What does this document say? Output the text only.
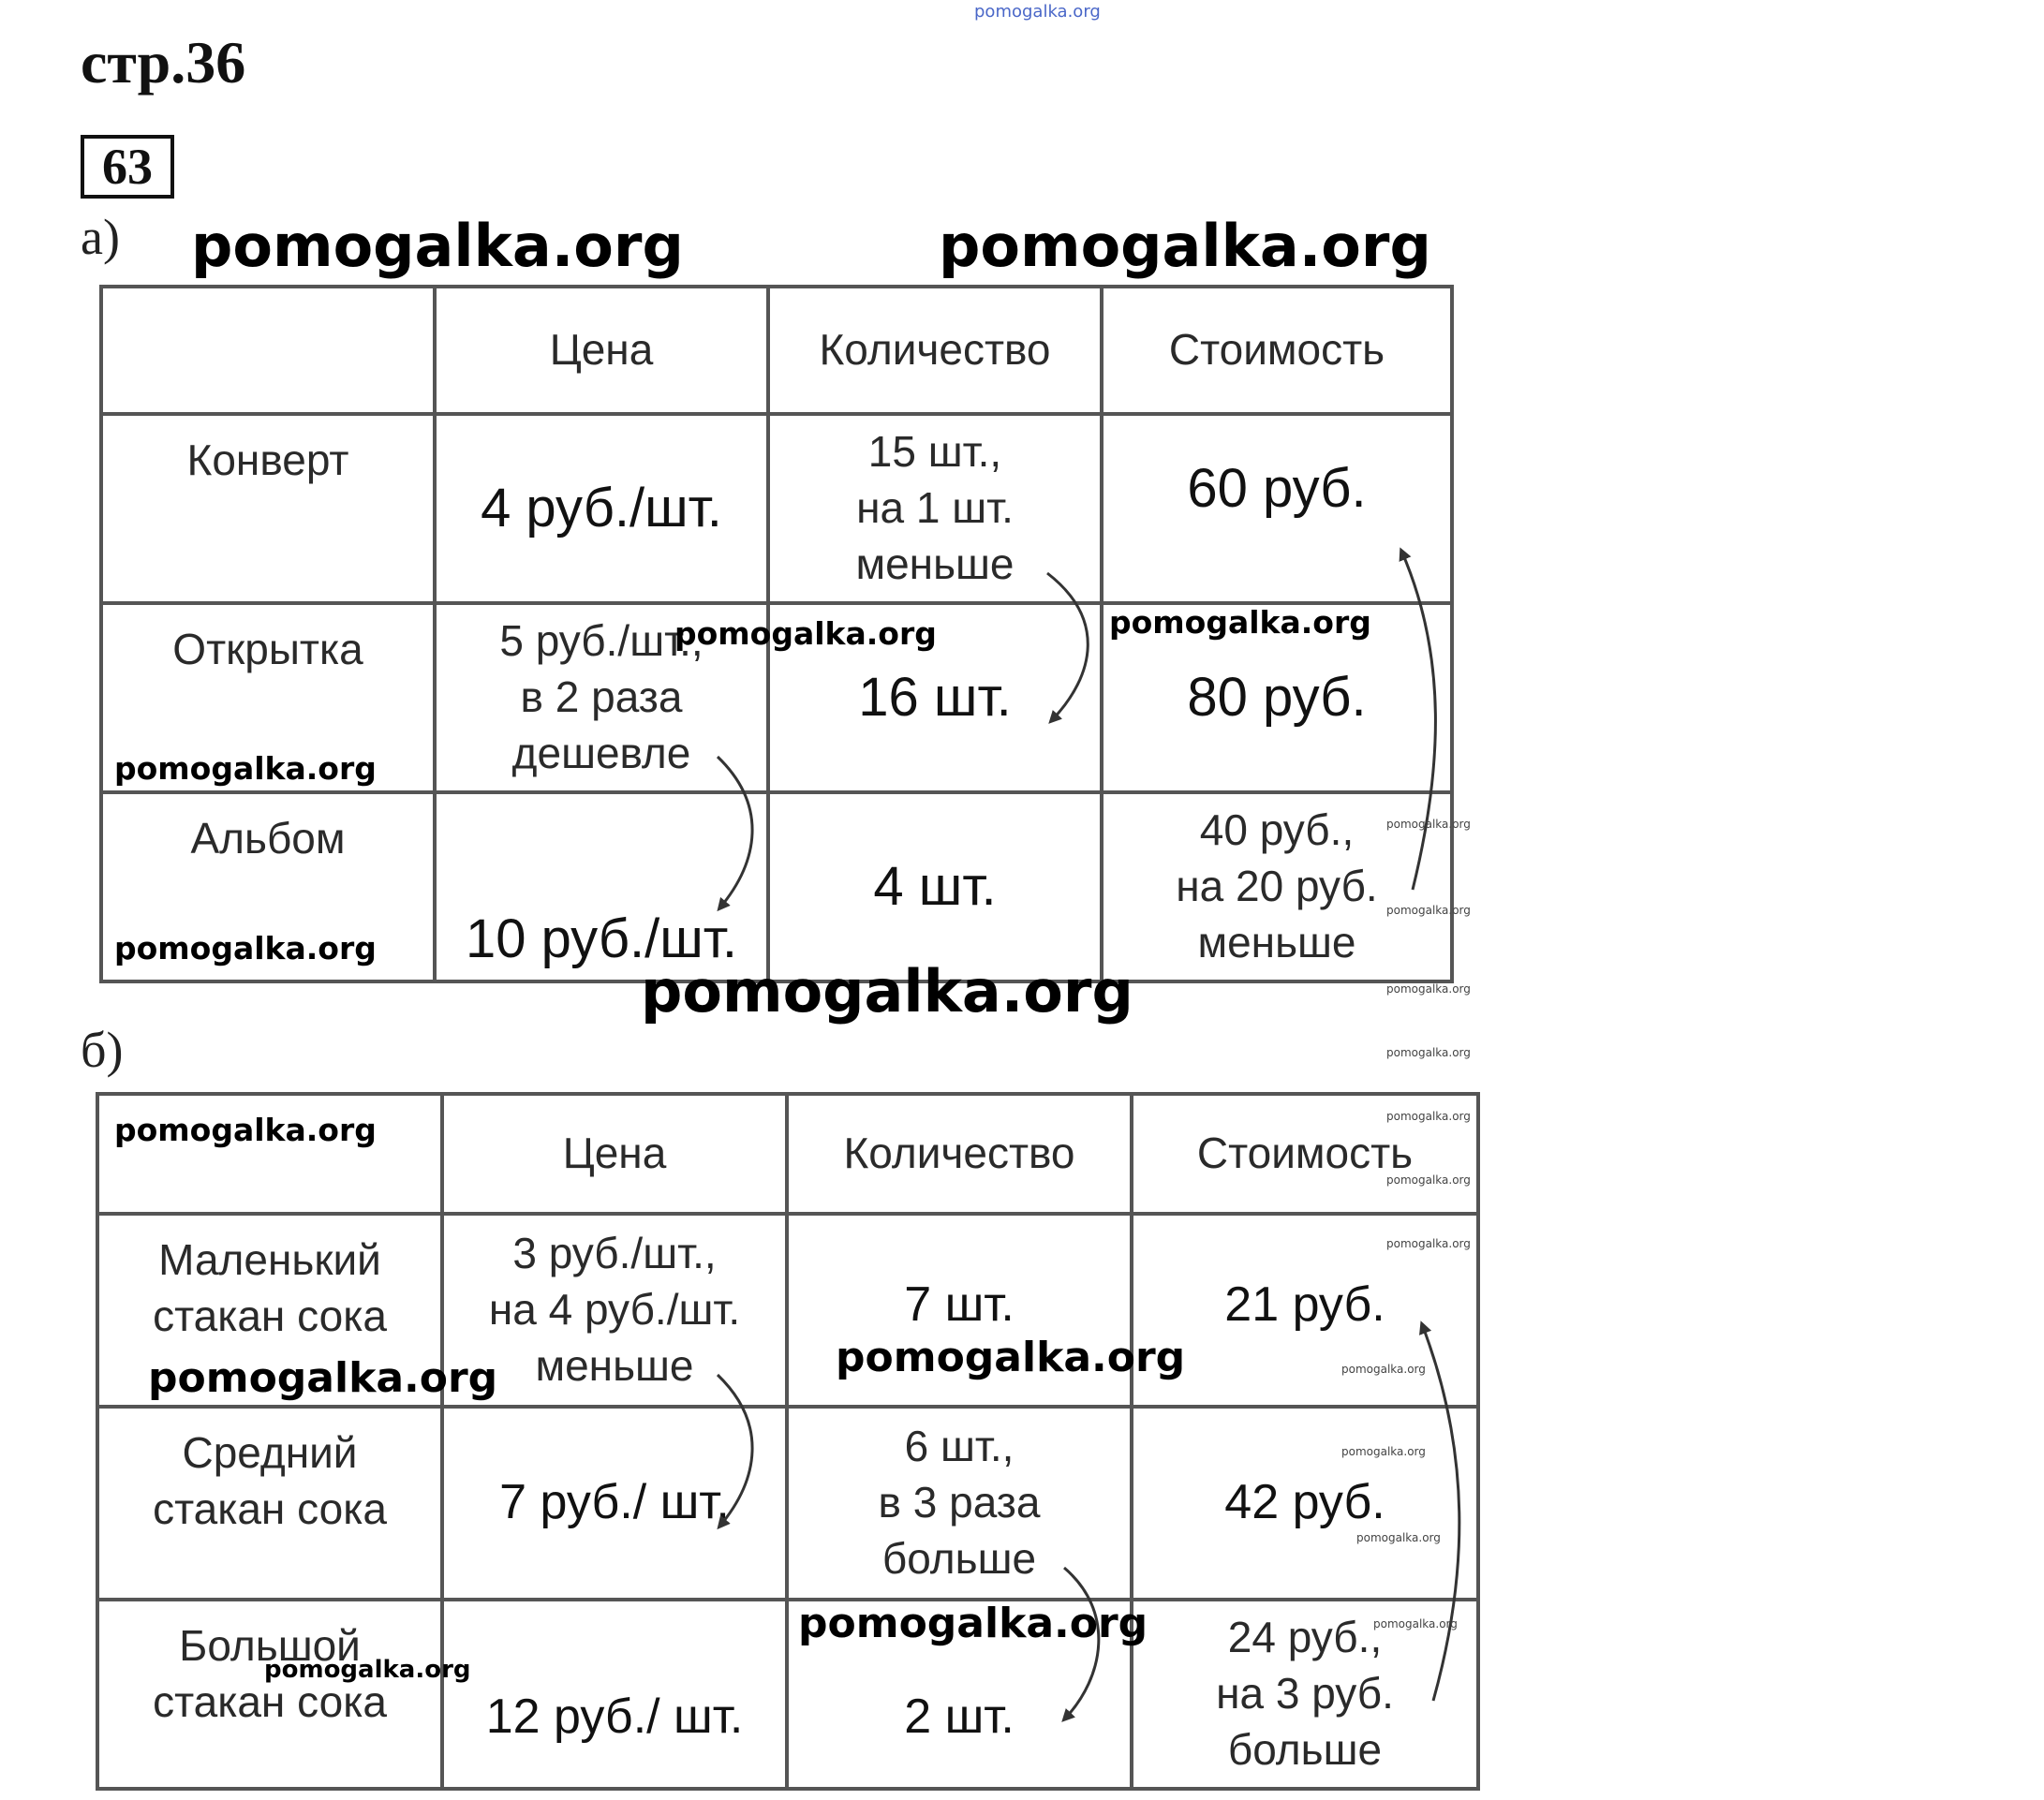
pomogalka.org
стр.36
63
а)
	Цена	Количество	Стоимость

Конверт	4 руб./шт.	15 шт.,
на 1 шт.
меньше	60 руб.

Открытка	5 руб./шт.,
в 2 раза
дешевле	16 шт.	80 руб.

Альбом	10 руб./шт.	4 шт.	40 руб.,
на 20 руб.
меньше
б)
	Цена	Количество	Стоимость

Маленький
стакан сока	3 руб./шт.,
на 4 руб./шт.
меньше	7 шт.	21 руб.

Средний
стакан сока	7 руб./ шт.	6 шт.,
в 3 раза
больше	42 руб.

Большой
стакан сока	12 руб./ шт.	2 шт.	24 руб.,
на 3 руб.
больше
pomogalka.org	pomogalka.org
pomogalka.org	pomogalka.org
pomogalka.org
pomogalka.org
pomogalka.org
pomogalka.org
pomogalka.org
pomogalka.org
pomogalka.org
pomogalka.org	pomogalka.org
pomogalka.org
pomogalka.org
pomogalka.org	pomogalka.org	pomogalka.org
pomogalka.org
pomogalka.org
pomogalka.org	pomogalka.org
pomogalka.org
